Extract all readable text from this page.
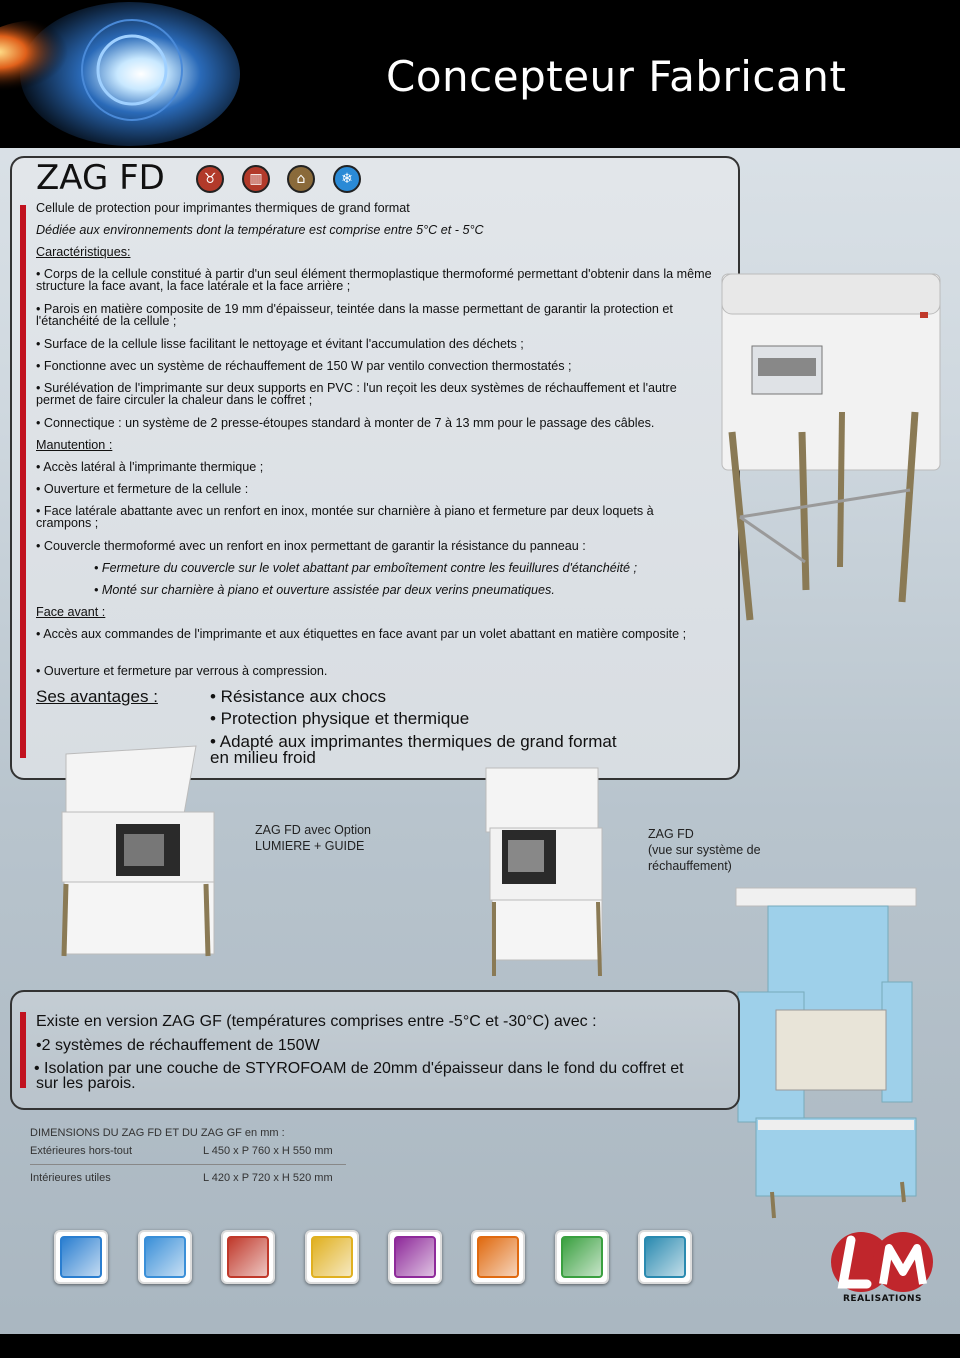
Concepteur Fabricant
ZAG FD	♉	▥	⌂	❄
Cellule de protection pour imprimantes thermiques de grand format
Dédiée aux environnements dont la température est comprise entre 5°C et - 5°C
Caractéristiques:
• Corps de la cellule constitué à partir d'un seul élément thermoplastique thermoformé permettant d'obtenir dans la même structure la face avant, la face latérale et la face arrière ;
• Parois en matière composite de 19 mm d'épaisseur, teintée dans la masse permettant de garantir la protection et l'étanchéité de la cellule ;
• Surface de la cellule lisse facilitant le nettoyage et évitant l'accumulation des déchets ;
• Fonctionne avec un système de réchauffement de 150 W par ventilo convection thermostatés ;
• Surélévation de l'imprimante sur deux supports en PVC : l'un reçoit les deux systèmes de réchauffement et l'autre permet de faire circuler la chaleur dans le coffret ;
• Connectique : un système de 2 presse-étoupes standard à monter de 7 à 13 mm pour le passage des câbles.
Manutention :
• Accès latéral à l'imprimante thermique ;
• Ouverture et fermeture de la cellule :
• Face latérale abattante avec un renfort en inox, montée sur charnière à piano et fermeture par deux loquets à crampons ;
• Couvercle thermoformé avec un renfort en inox permettant de garantir la résistance du panneau :
• Fermeture du couvercle sur le volet abattant par emboîtement contre les feuillures d'étanchéité ;
• Monté sur charnière à piano et ouverture assistée par deux verins pneumatiques.
Face avant :
• Accès aux commandes de l'imprimante et aux étiquettes en face avant par un volet abattant en matière composite ;
• Ouverture et fermeture par verrous à compression.
Ses avantages :	• Résistance aux chocs
• Protection physique et thermique
• Adapté aux imprimantes thermiques de grand format en milieu froid
ZAG FD avec Option
LUMIERE + GUIDE
ZAG FD
(vue sur système de
réchauffement)
Existe en version ZAG GF (températures comprises entre -5°C et -30°C) avec :
•2 systèmes de réchauffement de 150W
• Isolation par une couche de STYROFOAM de 20mm d'épaisseur dans le fond du coffret et sur les parois.
DIMENSIONS DU ZAG FD ET DU ZAG GF en mm :
Extérieures hors-tout	L 450 x P 760 x H 550 mm
Intérieures utiles	L 420 x P 720 x H 520 mm
REALISATIONS
